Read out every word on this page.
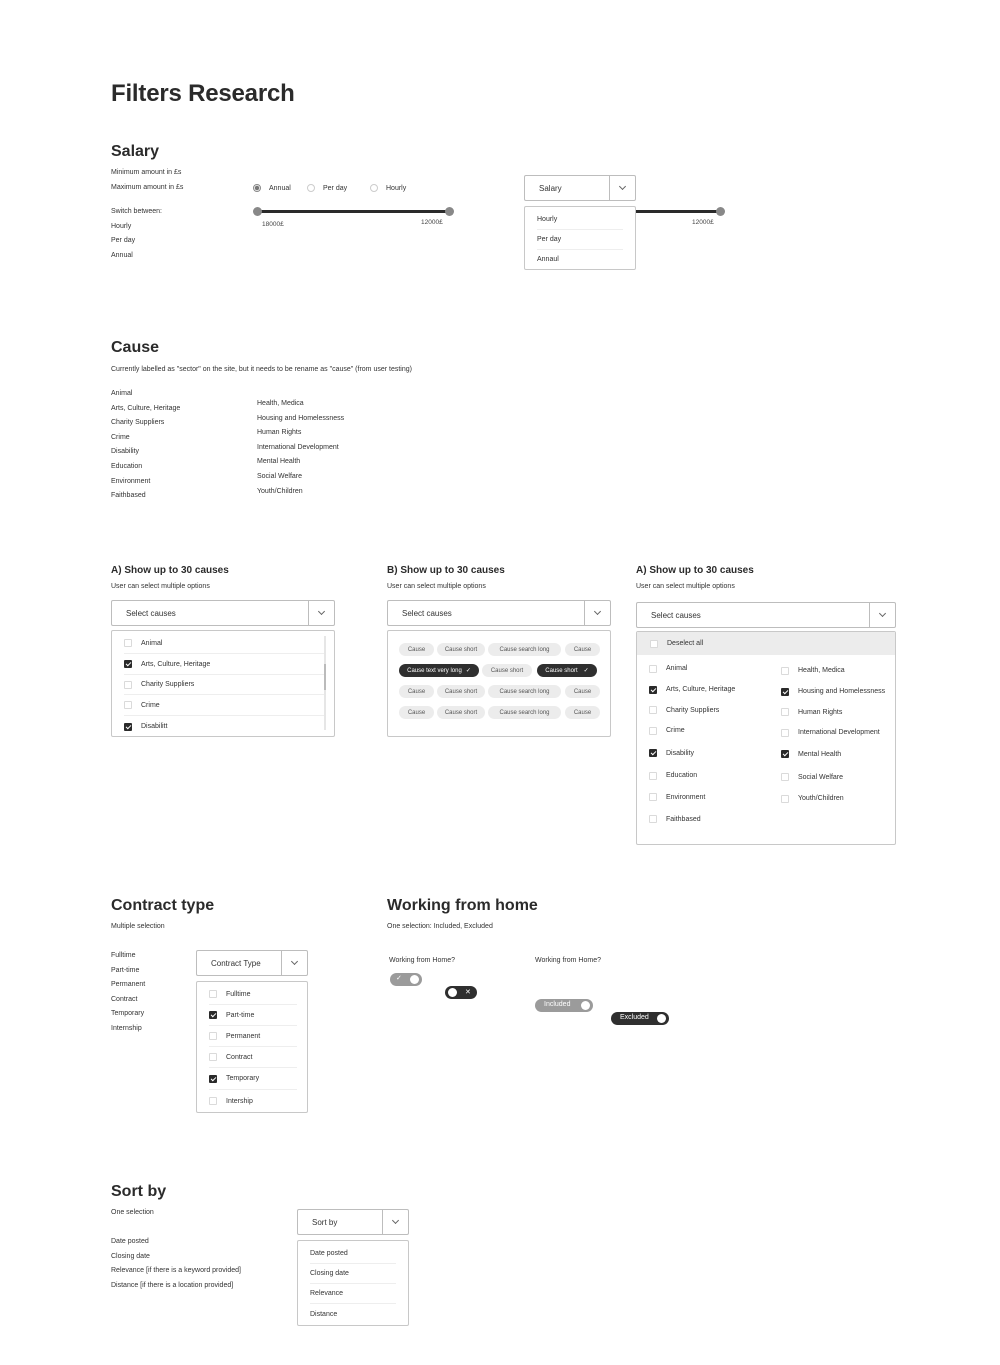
Filters Research
Salary
Minimum amount in £s
Maximum amount in £s
Switch between:
Hourly
Per day
Annual
Annual	Per day	Hourly
18000£	12000£
Salary
12000£
Hourly
Per day
Annaul
Cause
Currently labelled as "sector" on the site, but it needs to be rename as "cause" (from user testing)
Animal
Arts, Culture, Heritage
Charity Suppliers
Crime
Disability
Education
Environment
Faithbased
Health, Medica
Housing and Homelessness
Human Rights
International Development
Mental Health
Social Welfare
Youth/Children
A) Show up to 30 causes
User can select multiple options
Select causes
Animal
Arts, Culture, Heritage
Charity Suppliers
Crime
Disabilitt
B) Show up to 30 causes
User can select multiple options
Select causes
Cause	Cause short	Cause search long	Cause
Cause text very long ✓	Cause short	Cause short ✓
Cause	Cause short	Cause search long	Cause
Cause	Cause short	Cause search long	Cause
A) Show up to 30 causes
User can select multiple options
Select causes
Deselect all
Animal
Arts, Culture, Heritage
Charity Suppliers
Crime
Disability
Education
Environment
Faithbased
Health, Medica
Housing and Homelessness
Human Rights
International Development
Mental Health
Social Welfare
Youth/Children
Contract type
Multiple selection
Fulltime
Part-time
Permanent
Contract
Temporary
Internship
Contract Type
Fulltime
Part-time
Permanent
Contract
Temporary
Intership
Working from home
One selection: Included, Excluded
Working from Home?
✓
✕
Working from Home?
Included
Excluded
Sort by
One selection
Date posted
Closing date
Relevance [if there is a keyword provided]
Distance [if there is a location provided]
Sort by
Date posted
Closing date
Relevance
Distance
